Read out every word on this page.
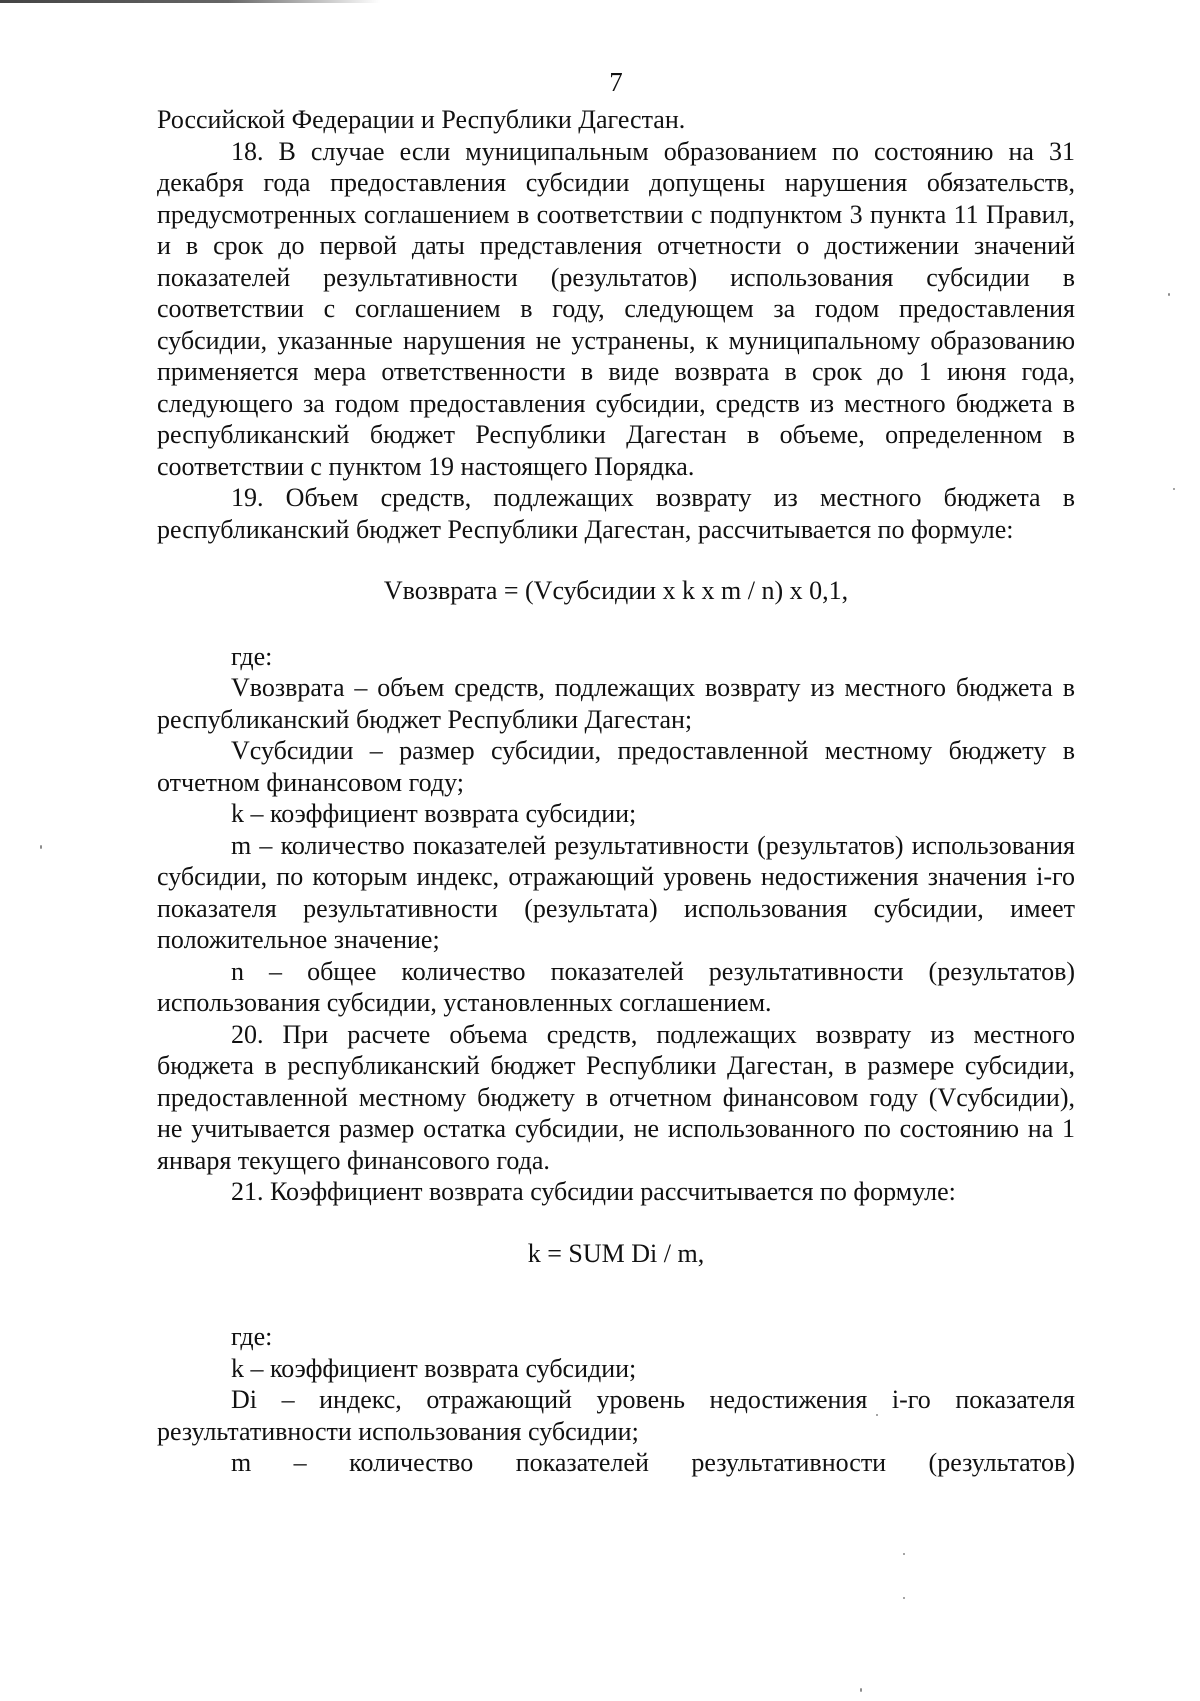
7

Российской Федерации и Республики Дагестан.

18. В случае если муниципальным образованием по состоянию на 31 декабря года предоставления субсидии допущены нарушения обязательств, предусмотренных соглашением в соответствии с подпунктом 3 пункта 11 Правил, и в срок до первой даты представления отчетности о достижении значений показателей результативности (результатов) использования субсидии в соответствии с соглашением в году, следующем за годом предоставления субсидии, указанные нарушения не устранены, к муниципальному образованию применяется мера ответственности в виде возврата в срок до 1 июня года, следующего за годом предоставления субсидии, средств из местного бюджета в республиканский бюджет Республики Дагестан в объеме, определенном в соответствии с пунктом 19 настоящего Порядка.

19. Объем средств, подлежащих возврату из местного бюджета в республиканский бюджет Республики Дагестан, рассчитывается по формуле:

Vвозврата = (Vсубсидии x k x m / n) x 0,1,

где:

Vвозврата – объем средств, подлежащих возврату из местного бюджета в республиканский бюджет Республики Дагестан;

Vсубсидии – размер субсидии, предоставленной местному бюджету в отчетном финансовом году;

k – коэффициент возврата субсидии;

m – количество показателей результативности (результатов) использования субсидии, по которым индекс, отражающий уровень недостижения значения i-го показателя результативности (результата) использования субсидии, имеет положительное значение;

n – общее количество показателей результативности (результатов) использования субсидии, установленных соглашением.

20. При расчете объема средств, подлежащих возврату из местного бюджета в республиканский бюджет Республики Дагестан, в размере субсидии, предоставленной местному бюджету в отчетном финансовом году (Vсубсидии), не учитывается размер остатка субсидии, не использованного по состоянию на 1 января текущего финансового года.

21. Коэффициент возврата субсидии рассчитывается по формуле:

k = SUM Di / m,

где:

k – коэффициент возврата субсидии;

Di – индекс, отражающий уровень недостижения i-го показателя результативности использования субсидии;

m – количество показателей результативности (результатов)
